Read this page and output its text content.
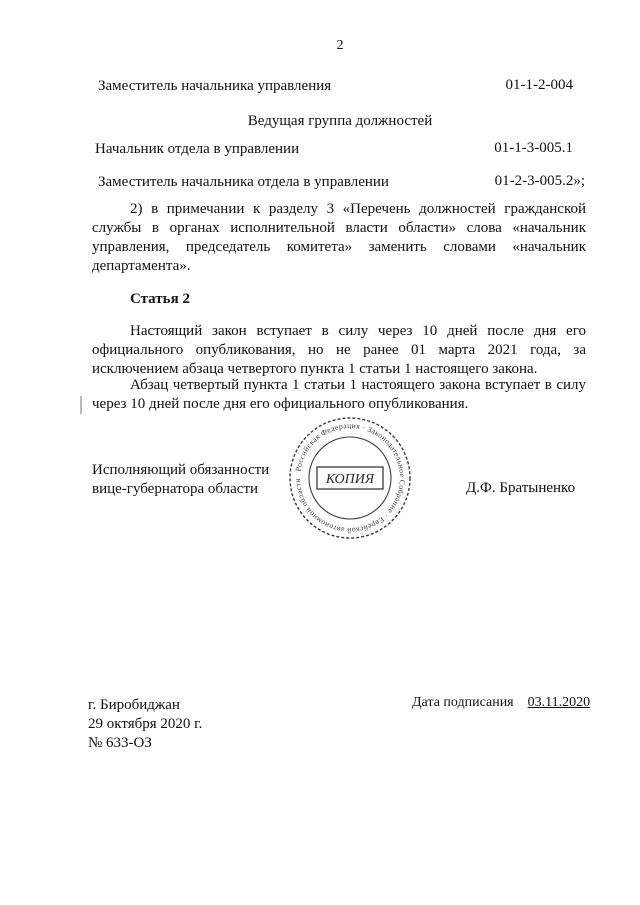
2
Заместитель начальника управления	01-1-2-004
Ведущая группа должностей
Начальник отдела в управлении	01-1-3-005.1
Заместитель начальника отдела в управлении	01-2-3-005.2»;
2) в примечании к разделу 3 «Перечень должностей гражданской
службы в органах исполнительной власти области» слова «начальник
управления, председатель комитета» заменить словами «начальник
департамента».
Статья 2
Настоящий закон вступает в силу через 10 дней после дня его
официального опубликования, но не ранее 01 марта 2021 года, за
исключением абзаца четвертого пункта 1 статьи 1 настоящего закона.
Абзац четвертый пункта 1 статьи 1 настоящего закона вступает в силу
через 10 дней после дня его официального опубликования.
Исполняющий обязанности
вице-губернатора области	Д.Ф. Братыненко
Российская Федерация · Законодательное Собрание · Еврейской автономной области	КОПИЯ
г. Биробиджан
29 октября 2020 г.
№ 633-ОЗ
Дата подписания 03.11.2020
